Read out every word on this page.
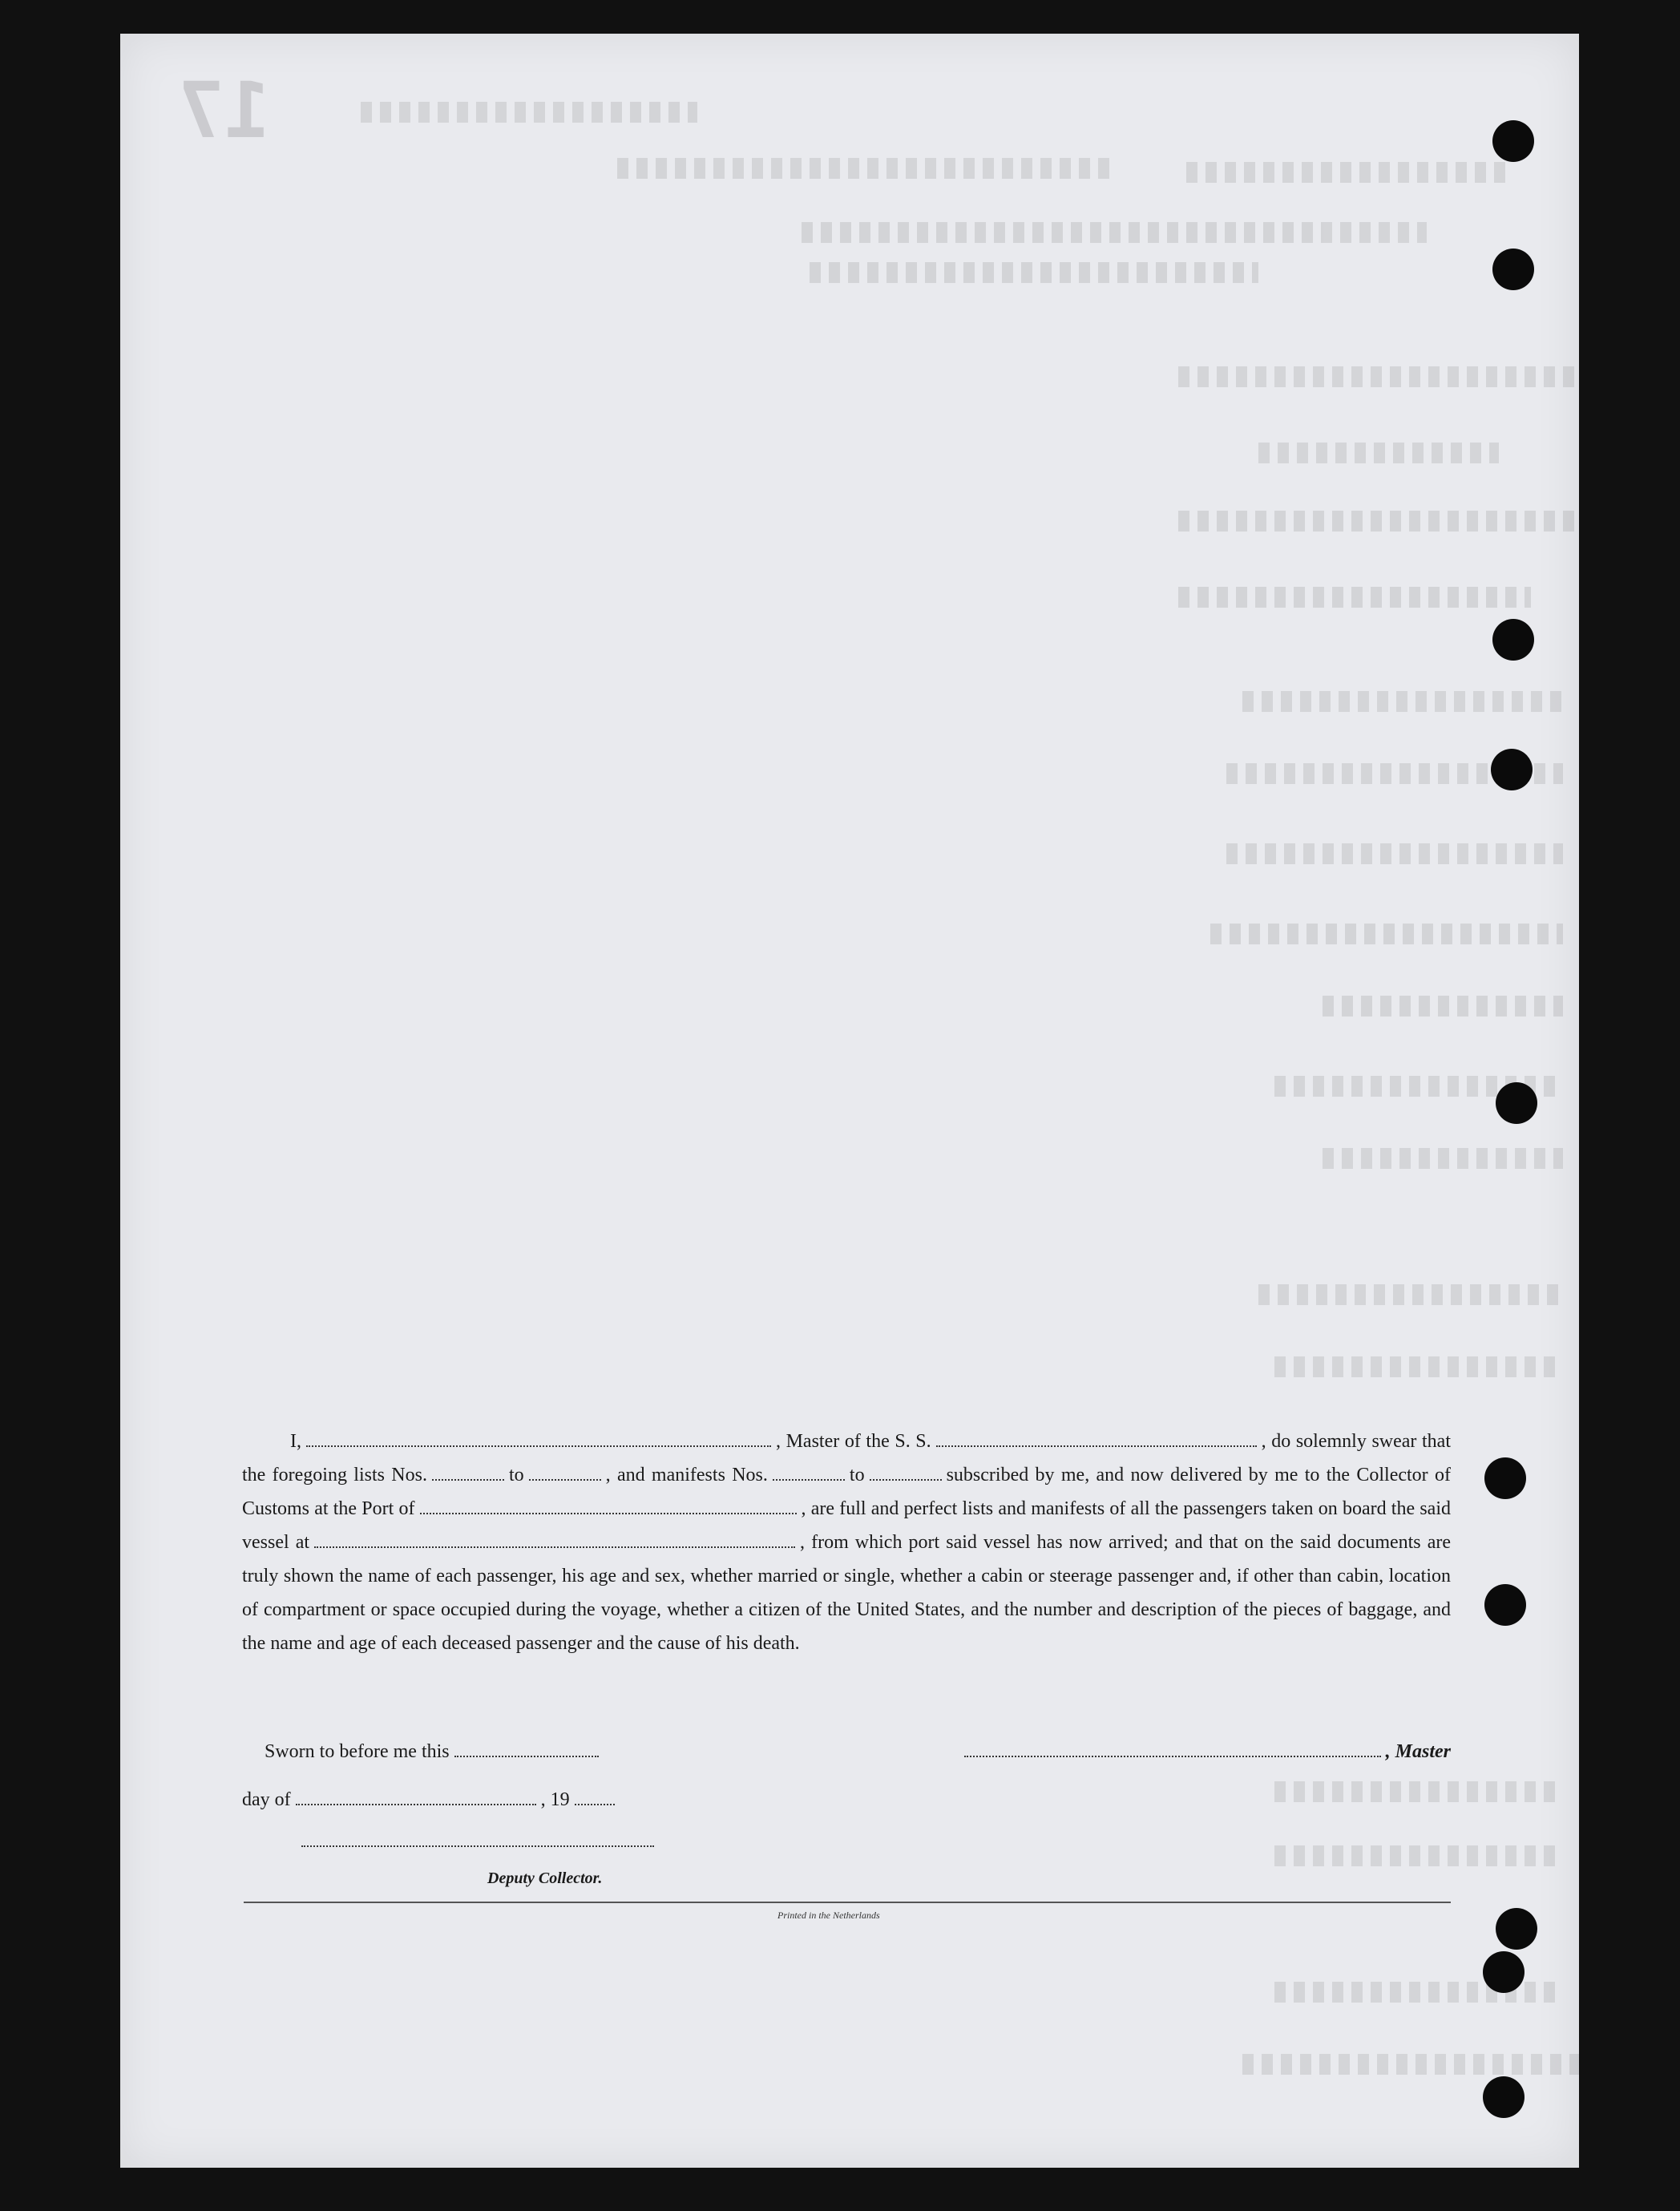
17

I,	, Master of the S. S.	, do solemnly swear that the foregoing lists Nos.	to	, and manifests Nos.	to	subscribed by me, and now delivered by me to the Collector of Customs at the Port of	, are full and perfect lists and manifests of all the passengers taken on board the said vessel at	, from which port said vessel has now arrived; and that on the said documents are truly shown the name of each passenger, his age and sex, whether married or single, whether a cabin or steerage passenger and, if other than cabin, location of compartment or space occupied during the voyage, whether a citizen of the United States, and the number and description of the pieces of baggage, and the name and age of each deceased passenger and the cause of his death.

Sworn to before me this	, Master
day of	, 19
Deputy Collector.
Printed in the Netherlands
